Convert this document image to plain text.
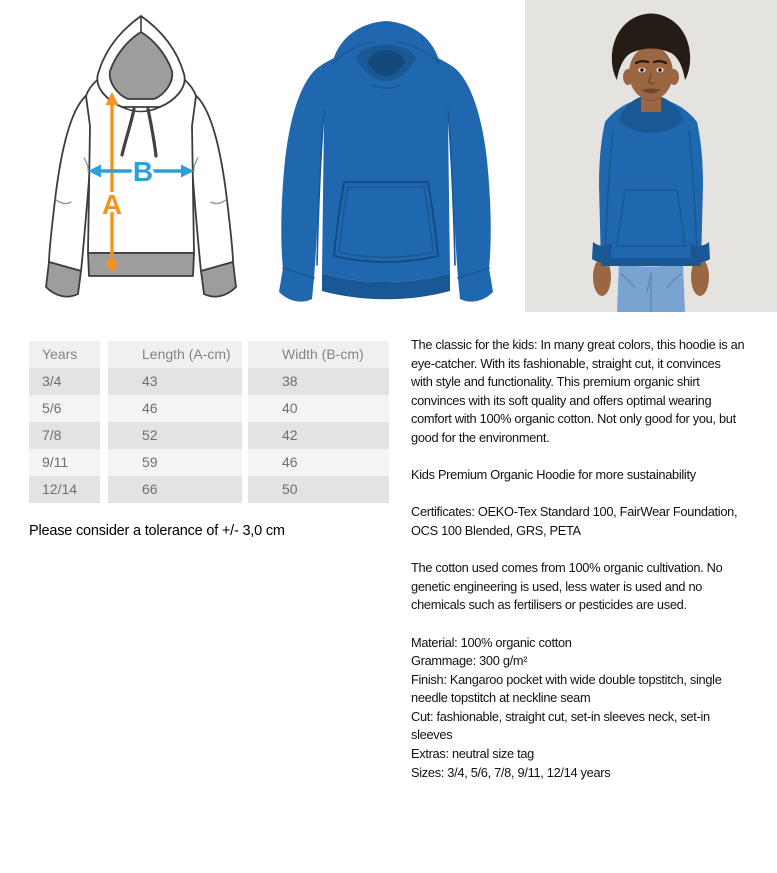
B
A
Years	Length (A-cm)	Width (B-cm)
3/4	43	38
5/6	46	40
7/8	52	42
9/11	59	46
12/14	66	50

Please consider a tolerance of +/- 3,0 cm

The classic for the kids: In many great colors, this hoodie is an eye-catcher. With its fashionable, straight cut, it convinces with style and functionality. This premium organic shirt convinces with its soft quality and offers optimal wearing comfort with 100% organic cotton. Not only good for you, but good for the environment.

Kids Premium Organic Hoodie for more sustainability

Certificates: OEKO-Tex Standard 100, FairWear Foundation, OCS 100 Blended, GRS, PETA

The cotton used comes from 100% organic cultivation. No genetic engineering is used, less water is used and no chemicals such as fertilisers or pesticides are used.

Material: 100% organic cotton

Grammage: 300 g/m²

Finish: Kangaroo pocket with wide double topstitch, single needle topstitch at neckline seam

Cut: fashionable, straight cut, set-in sleeves neck, set-in sleeves

Extras: neutral size tag

Sizes: 3/4, 5/6, 7/8, 9/11, 12/14 years
